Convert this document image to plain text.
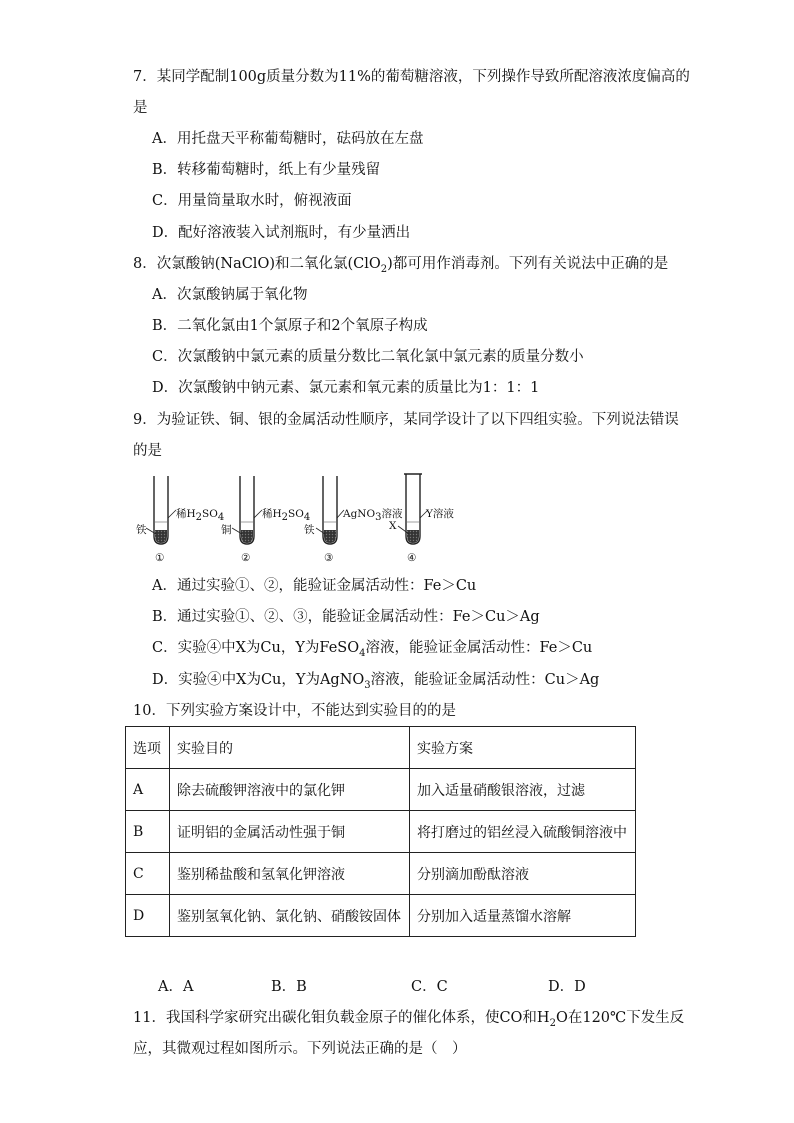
7．某同学配制100g质量分数为11%的葡萄糖溶液，下列操作导致所配溶液浓度偏高的
是
A．用托盘天平称葡萄糖时，砝码放在左盘
B．转移葡萄糖时，纸上有少量残留
C．用量筒量取水时，俯视液面
D．配好溶液装入试剂瓶时，有少量洒出
8．次氯酸钠(NaClO)和二氧化氯(ClO$_2$)都可用作消毒剂。下列有关说法中正确的是
A．次氯酸钠属于氧化物
B．二氧化氯由1个氯原子和2个氧原子构成
C．次氯酸钠中氯元素的质量分数比二氧化氯中氯元素的质量分数小
D．次氯酸钠中钠元素、氯元素和氧元素的质量比为1：1：1
9．为验证铁、铜、银的金属活动性顺序，某同学设计了以下四组实验。下列说法错误
的是
稀$H_2SO_4$
铁
①
稀$H_2SO_4$
铜
②
AgNO$_3$溶液
铁
③
Y溶液
X
④
A．通过实验①、②，能验证金属活动性：Fe＞Cu
B．通过实验①、②、③，能验证金属活动性：Fe＞Cu＞Ag
C．实验④中X为Cu，Y为FeSO$_4$溶液，能验证金属活动性：Fe＞Cu
D．实验④中X为Cu，Y为AgNO$_3$溶液，能验证金属活动性：Cu＞Ag
10．下列实验方案设计中，不能达到实验目的的是
选项	实验目的	实验方案
A	除去硫酸钾溶液中的氯化钾	加入适量硝酸银溶液，过滤
B	证明铝的金属活动性强于铜	将打磨过的铝丝浸入硫酸铜溶液中
C	鉴别稀盐酸和氢氧化钾溶液	分别滴加酚酞溶液
D	鉴别氢氧化钠、氯化钠、硝酸铵固体	分别加入适量蒸馏水溶解
A．A	B．B	C．C	D．D
11．我国科学家研究出碳化钼负载金原子的催化体系，使CO和$H_2O$在120℃下发生反
应，其微观过程如图所示。下列说法正确的是（　）
